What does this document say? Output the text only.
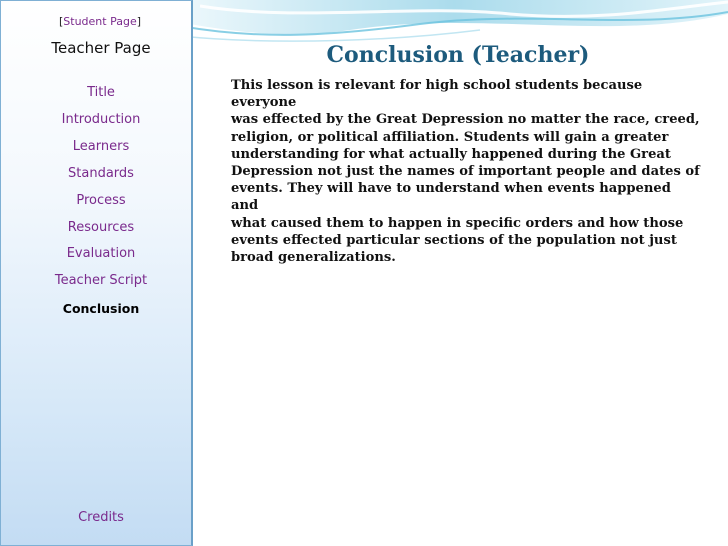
[Student Page]
Teacher Page
Title
Introduction
Learners
Standards
Process
Resources
Evaluation
Teacher Script
Conclusion
Credits
Conclusion (Teacher)
This lesson is relevant for high school students because everyone
was effected by the Great Depression no matter the race, creed,
religion, or political affiliation. Students will gain a greater
understanding for what actually happened during the Great
Depression not just the names of important people and dates of
events. They will have to understand when events happened and
what caused them to happen in specific orders and how those
events effected particular sections of the population not just
broad generalizations.
